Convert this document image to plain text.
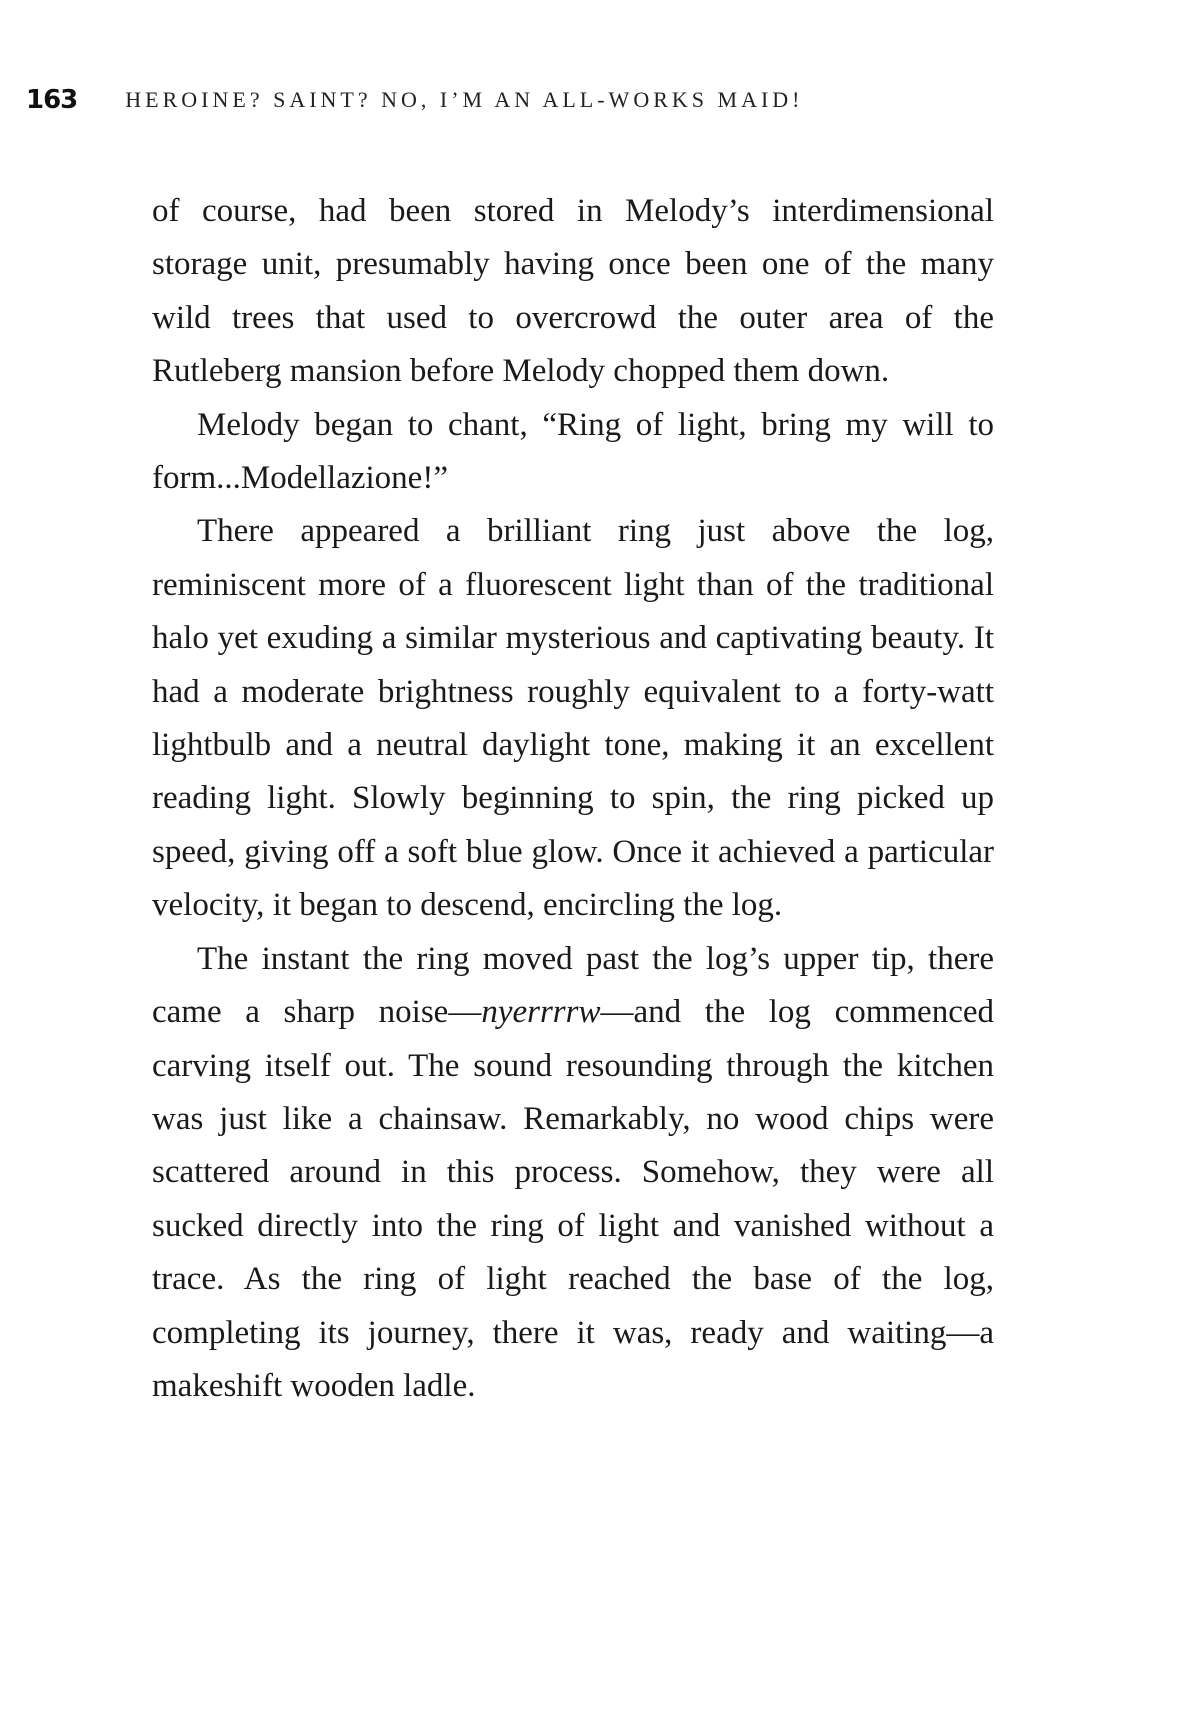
163 HEROINE? SAINT? NO, I’M AN ALL-WORKS MAID!

of course, had been stored in Melody’s interdimensional storage unit, presumably having once been one of the many wild trees that used to overcrowd the outer area of the Rutleberg mansion before Melody chopped them down.

Melody began to chant, “Ring of light, bring my will to form...Modellazione!”

There appeared a brilliant ring just above the log, reminiscent more of a fluorescent light than of the traditional halo yet exuding a similar mysterious and captivating beauty. It had a moderate brightness roughly equivalent to a forty-watt lightbulb and a neutral daylight tone, making it an excellent reading light. Slowly beginning to spin, the ring picked up speed, giving off a soft blue glow. Once it achieved a particular velocity, it began to descend, encircling the log.

The instant the ring moved past the log’s upper tip, there came a sharp noise—nyerrrrw—and the log commenced carving itself out. The sound resounding through the kitchen was just like a chainsaw. Remarkably, no wood chips were scattered around in this process. Somehow, they were all sucked directly into the ring of light and vanished without a trace. As the ring of light reached the base of the log, completing its journey, there it was, ready and waiting—a makeshift wooden ladle.
